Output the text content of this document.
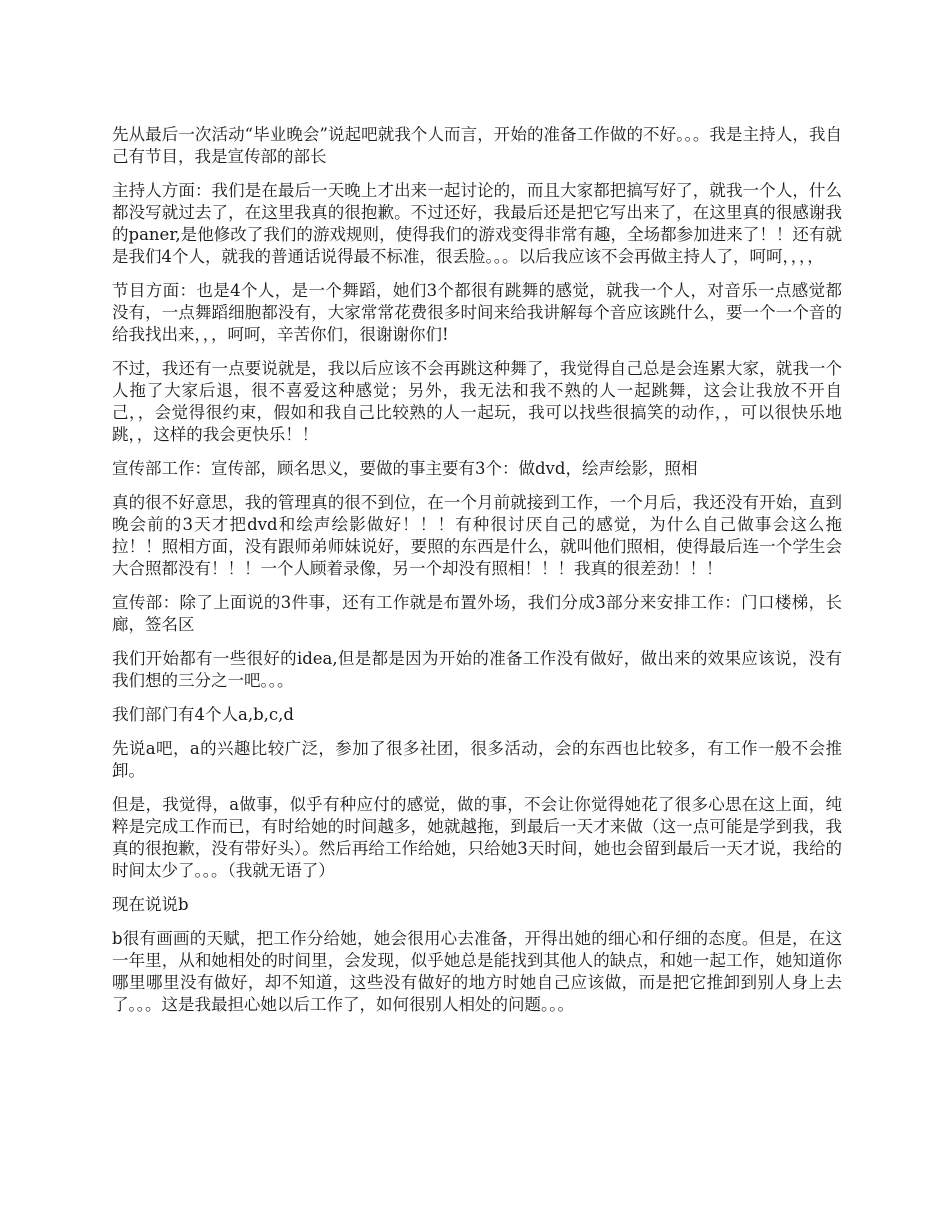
先从最后一次活动“毕业晚会”说起吧就我个人而言，开始的准备工作做的不好。。。我是主持人，我自己有节目，我是宣传部的部长

主持人方面：我们是在最后一天晚上才出来一起讨论的，而且大家都把搞写好了，就我一个人，什么都没写就过去了，在这里我真的很抱歉。不过还好，我最后还是把它写出来了，在这里真的很感谢我的paner,是他修改了我们的游戏规则，使得我们的游戏变得非常有趣，全场都参加进来了！！还有就是我们4个人，就我的普通话说得最不标准，很丢脸。。。以后我应该不会再做主持人了，呵呵，，，，

节目方面：也是4个人，是一个舞蹈，她们3个都很有跳舞的感觉，就我一个人，对音乐一点感觉都没有，一点舞蹈细胞都没有，大家常常花费很多时间来给我讲解每个音应该跳什么，要一个一个音的给我找出来，，，呵呵，辛苦你们，很谢谢你们!

不过，我还有一点要说就是，我以后应该不会再跳这种舞了，我觉得自己总是会连累大家，就我一个人拖了大家后退，很不喜爱这种感觉；另外，我无法和我不熟的人一起跳舞，这会让我放不开自己，，会觉得很约束，假如和我自己比较熟的人一起玩，我可以找些很搞笑的动作，，可以很快乐地跳，，这样的我会更快乐！！

宣传部工作：宣传部，顾名思义，要做的事主要有3个：做dvd，绘声绘影，照相

真的很不好意思，我的管理真的很不到位，在一个月前就接到工作，一个月后，我还没有开始，直到晚会前的3天才把dvd和绘声绘影做好！！！有种很讨厌自己的感觉，为什么自己做事会这么拖拉！！照相方面，没有跟师弟师妹说好，要照的东西是什么，就叫他们照相，使得最后连一个学生会大合照都没有！！！一个人顾着录像，另一个却没有照相！！！我真的很差劲！！！

宣传部：除了上面说的3件事，还有工作就是布置外场，我们分成3部分来安排工作：门口楼梯，长廊，签名区

我们开始都有一些很好的idea,但是都是因为开始的准备工作没有做好，做出来的效果应该说，没有我们想的三分之一吧。。。

我们部门有4个人a,b,c,d

先说a吧，a的兴趣比较广泛，参加了很多社团，很多活动，会的东西也比较多，有工作一般不会推卸。

但是，我觉得，a做事，似乎有种应付的感觉，做的事，不会让你觉得她花了很多心思在这上面，纯粹是完成工作而已，有时给她的时间越多，她就越拖，到最后一天才来做（这一点可能是学到我，我真的很抱歉，没有带好头）。然后再给工作给她，只给她3天时间，她也会留到最后一天才说，我给的时间太少了。。。（我就无语了）

现在说说b

b很有画画的天赋，把工作分给她，她会很用心去准备，开得出她的细心和仔细的态度。但是，在这一年里，从和她相处的时间里，会发现，似乎她总是能找到其他人的缺点，和她一起工作，她知道你哪里哪里没有做好，却不知道，这些没有做好的地方时她自己应该做，而是把它推卸到别人身上去了。。。这是我最担心她以后工作了，如何很别人相处的问题。。。
